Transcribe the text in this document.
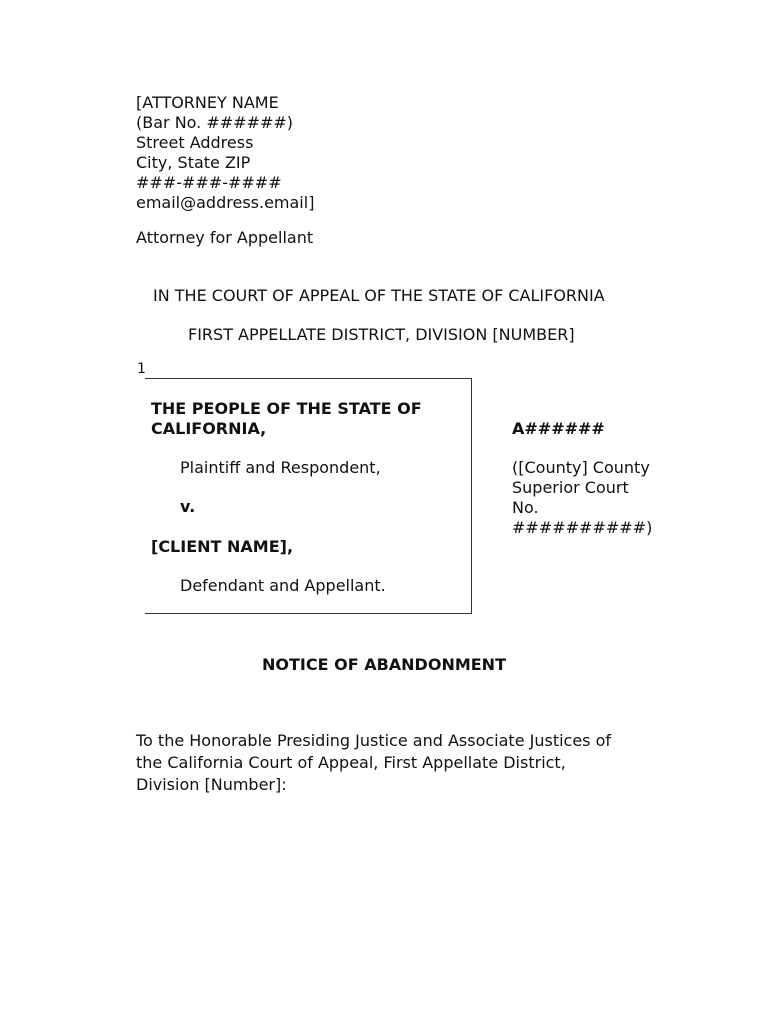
[ATTORNEY NAME
(Bar No. ######)
Street Address
City, State ZIP
###-###-####
email@address.email]
Attorney for Appellant
IN THE COURT OF APPEAL OF THE STATE OF CALIFORNIA
FIRST APPELLATE DISTRICT, DIVISION [NUMBER]
1
THE PEOPLE OF THE STATE OF
CALIFORNIA,
Plaintiff and Respondent,
v.
[CLIENT NAME],
Defendant and Appellant.
A######
([County] County
Superior Court
No.
##########)
NOTICE OF ABANDONMENT
To the Honorable Presiding Justice and Associate Justices of
the California Court of Appeal, First Appellate District,
Division [Number]:
